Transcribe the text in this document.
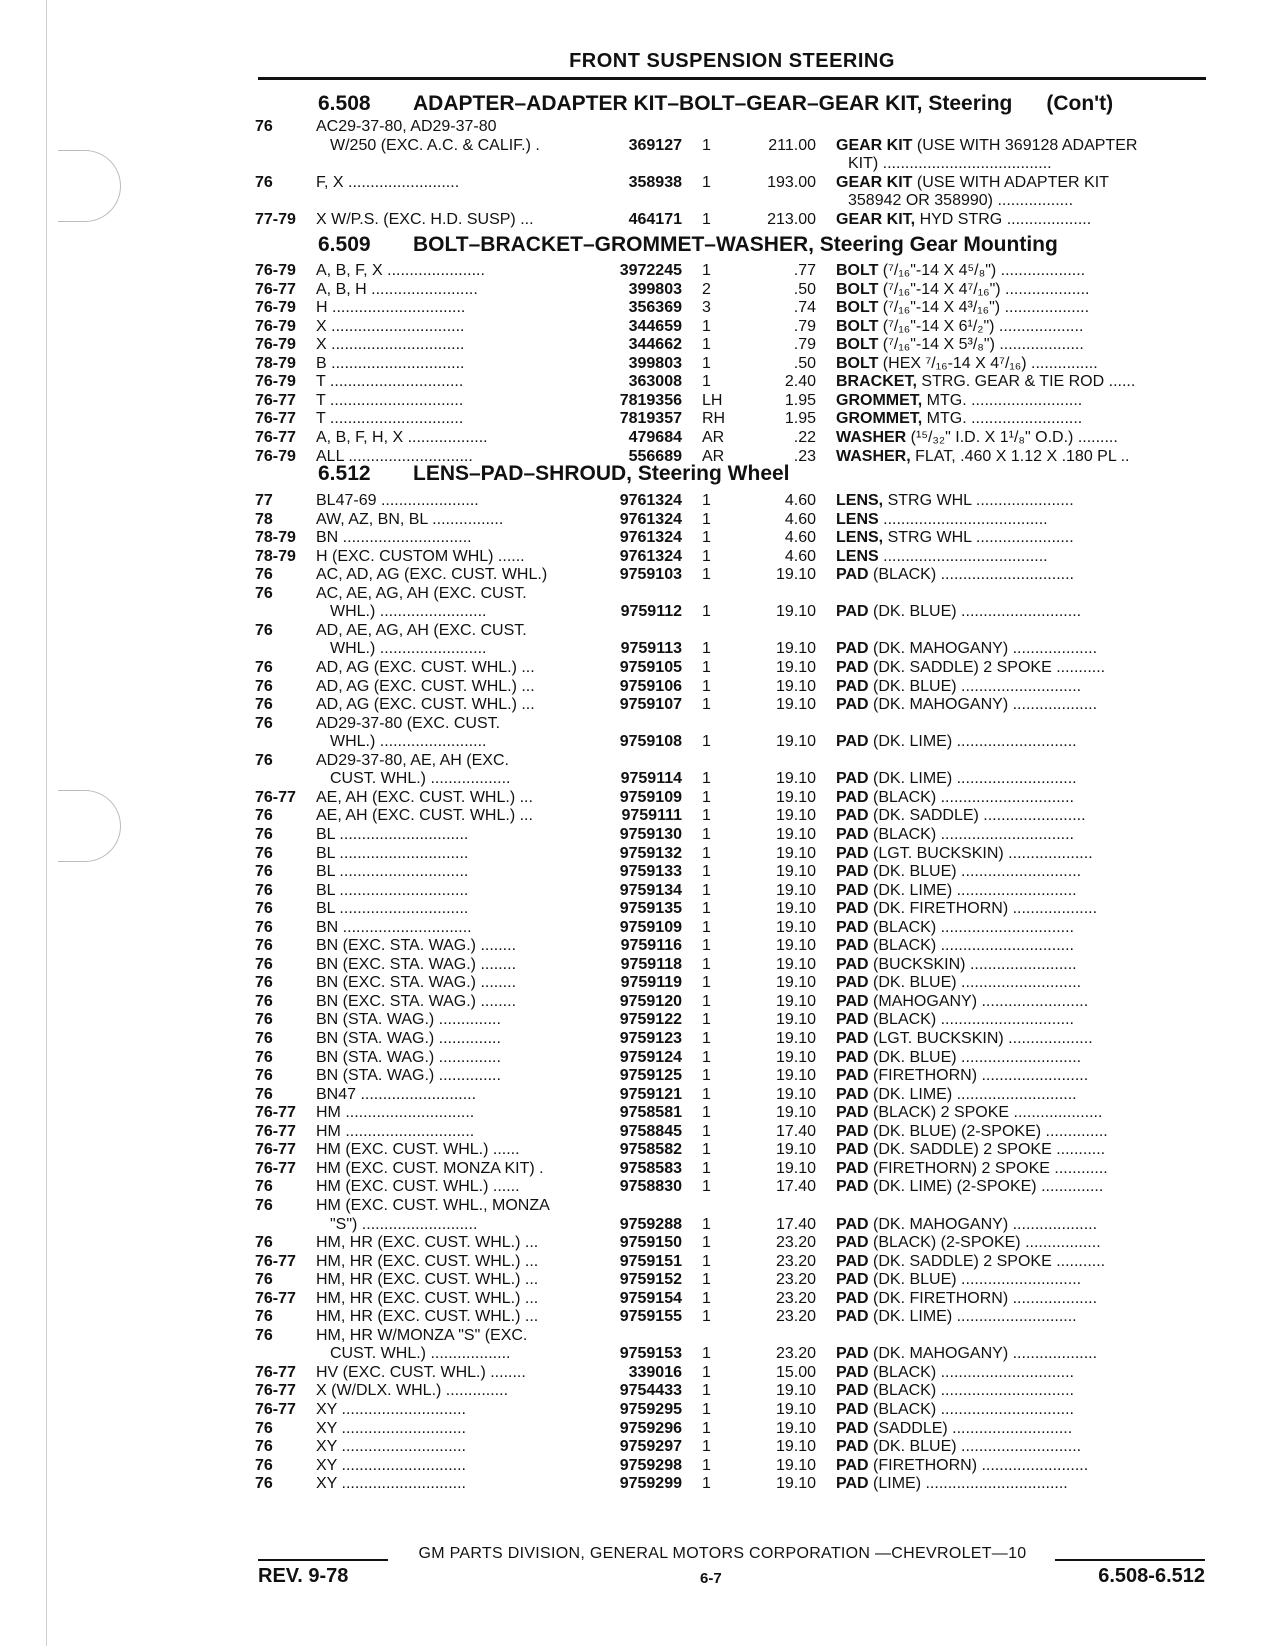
FRONT SUSPENSION STEERING
6.508 ADAPTER–ADAPTER KIT–BOLT–GEAR–GEAR KIT, Steering (Con't)
6.509 BOLT–BRACKET–GROMMET–WASHER, Steering Gear Mounting
6.512 LENS–PAD–SHROUD, Steering Wheel
76	AC29-37-80, AD29-37-80
W/250 (EXC. A.C. & CALIF.) .	369127 1	211.00 GEAR KIT (USE WITH 369128 ADAPTER
KIT) ......................................
76	F, X .........................	358938 1	193.00 GEAR KIT (USE WITH ADAPTER KIT
358942 OR 358990) .................
77-79	X W/P.S. (EXC. H.D. SUSP) ...	464171 1	213.00 GEAR KIT, HYD STRG ...................
76-79	A, B, F, X ......................	3972245 1	.77 BOLT (⁷/₁₆"-14 X 4⁵/₈") ...................
76-77	A, B, H ........................	399803 2	.50 BOLT (⁷/₁₆"-14 X 4⁷/₁₆") ...................
76-79	H ..............................	356369 3	.74 BOLT (⁷/₁₆"-14 X 4³/₁₆") ...................
76-79	X ..............................	344659 1	.79 BOLT (⁷/₁₆"-14 X 6¹/₂") ...................
76-79	X ..............................	344662 1	.79 BOLT (⁷/₁₆"-14 X 5³/₈") ...................
78-79	B ..............................	399803 1	.50 BOLT (HEX ⁷/₁₆-14 X 4⁷/₁₆) ...............
76-79	T ..............................	363008 1	2.40 BRACKET, STRG. GEAR & TIE ROD ......
76-77	T ..............................	7819356 LH	1.95 GROMMET, MTG. .........................
76-77	T ..............................	7819357 RH	1.95 GROMMET, MTG. .........................
76-77	A, B, F, H, X ..................	479684 AR	.22 WASHER (¹⁵/₃₂" I.D. X 1¹/₈" O.D.) .........
76-79	ALL ............................	556689 AR	.23 WASHER, FLAT, .460 X 1.12 X .180 PL ..
77	BL47-69 ......................	9761324 1	4.60 LENS, STRG WHL ......................
78	AW, AZ, BN, BL ................	9761324 1	4.60 LENS .....................................
78-79	BN .............................	9761324 1	4.60 LENS, STRG WHL ......................
78-79	H (EXC. CUSTOM WHL) ......	9761324 1	4.60 LENS .....................................
76	AC, AD, AG (EXC. CUST. WHL.)	9759103 1	19.10 PAD (BLACK) ..............................
76	AC, AE, AG, AH (EXC. CUST.
WHL.) ........................	9759112 1	19.10 PAD (DK. BLUE) ...........................
76	AD, AE, AG, AH (EXC. CUST.
WHL.) ........................	9759113 1	19.10 PAD (DK. MAHOGANY) ...................
76	AD, AG (EXC. CUST. WHL.) ...	9759105 1	19.10 PAD (DK. SADDLE) 2 SPOKE ...........
76	AD, AG (EXC. CUST. WHL.) ...	9759106 1	19.10 PAD (DK. BLUE) ...........................
76	AD, AG (EXC. CUST. WHL.) ...	9759107 1	19.10 PAD (DK. MAHOGANY) ...................
76	AD29-37-80 (EXC. CUST.
WHL.) ........................	9759108 1	19.10 PAD (DK. LIME) ...........................
76	AD29-37-80, AE, AH (EXC.
CUST. WHL.) ..................	9759114 1	19.10 PAD (DK. LIME) ...........................
76-77	AE, AH (EXC. CUST. WHL.) ...	9759109 1	19.10 PAD (BLACK) ..............................
76	AE, AH (EXC. CUST. WHL.) ...	9759111 1	19.10 PAD (DK. SADDLE) .......................
76	BL .............................	9759130 1	19.10 PAD (BLACK) ..............................
76	BL .............................	9759132 1	19.10 PAD (LGT. BUCKSKIN) ...................
76	BL .............................	9759133 1	19.10 PAD (DK. BLUE) ...........................
76	BL .............................	9759134 1	19.10 PAD (DK. LIME) ...........................
76	BL .............................	9759135 1	19.10 PAD (DK. FIRETHORN) ...................
76	BN .............................	9759109 1	19.10 PAD (BLACK) ..............................
76	BN (EXC. STA. WAG.) ........	9759116 1	19.10 PAD (BLACK) ..............................
76	BN (EXC. STA. WAG.) ........	9759118 1	19.10 PAD (BUCKSKIN) ........................
76	BN (EXC. STA. WAG.) ........	9759119 1	19.10 PAD (DK. BLUE) ...........................
76	BN (EXC. STA. WAG.) ........	9759120 1	19.10 PAD (MAHOGANY) ........................
76	BN (STA. WAG.) ..............	9759122 1	19.10 PAD (BLACK) ..............................
76	BN (STA. WAG.) ..............	9759123 1	19.10 PAD (LGT. BUCKSKIN) ...................
76	BN (STA. WAG.) ..............	9759124 1	19.10 PAD (DK. BLUE) ...........................
76	BN (STA. WAG.) ..............	9759125 1	19.10 PAD (FIRETHORN) ........................
76	BN47 ..........................	9759121 1	19.10 PAD (DK. LIME) ...........................
76-77	HM .............................	9758581 1	19.10 PAD (BLACK) 2 SPOKE ....................
76-77	HM .............................	9758845 1	17.40 PAD (DK. BLUE) (2-SPOKE) ..............
76-77	HM (EXC. CUST. WHL.) ......	9758582 1	19.10 PAD (DK. SADDLE) 2 SPOKE ...........
76-77	HM (EXC. CUST. MONZA KIT) .	9758583 1	19.10 PAD (FIRETHORN) 2 SPOKE ............
76	HM (EXC. CUST. WHL.) ......	9758830 1	17.40 PAD (DK. LIME) (2-SPOKE) ..............
76	HM (EXC. CUST. WHL., MONZA
"S") ..........................	9759288 1	17.40 PAD (DK. MAHOGANY) ...................
76	HM, HR (EXC. CUST. WHL.) ...	9759150 1	23.20 PAD (BLACK) (2-SPOKE) .................
76-77	HM, HR (EXC. CUST. WHL.) ...	9759151 1	23.20 PAD (DK. SADDLE) 2 SPOKE ...........
76	HM, HR (EXC. CUST. WHL.) ...	9759152 1	23.20 PAD (DK. BLUE) ...........................
76-77	HM, HR (EXC. CUST. WHL.) ...	9759154 1	23.20 PAD (DK. FIRETHORN) ...................
76	HM, HR (EXC. CUST. WHL.) ...	9759155 1	23.20 PAD (DK. LIME) ...........................
76	HM, HR W/MONZA "S" (EXC.
CUST. WHL.) ..................	9759153 1	23.20 PAD (DK. MAHOGANY) ...................
76-77	HV (EXC. CUST. WHL.) ........	339016 1	15.00 PAD (BLACK) ..............................
76-77	X (W/DLX. WHL.) ..............	9754433 1	19.10 PAD (BLACK) ..............................
76-77	XY ............................	9759295 1	19.10 PAD (BLACK) ..............................
76	XY ............................	9759296 1	19.10 PAD (SADDLE) ...........................
76	XY ............................	9759297 1	19.10 PAD (DK. BLUE) ...........................
76	XY ............................	9759298 1	19.10 PAD (FIRETHORN) ........................
76	XY ............................	9759299 1	19.10 PAD (LIME) ................................
GM PARTS DIVISION, GENERAL MOTORS CORPORATION —CHEVROLET—10
REV. 9-78	6-7	6.508-6.512
